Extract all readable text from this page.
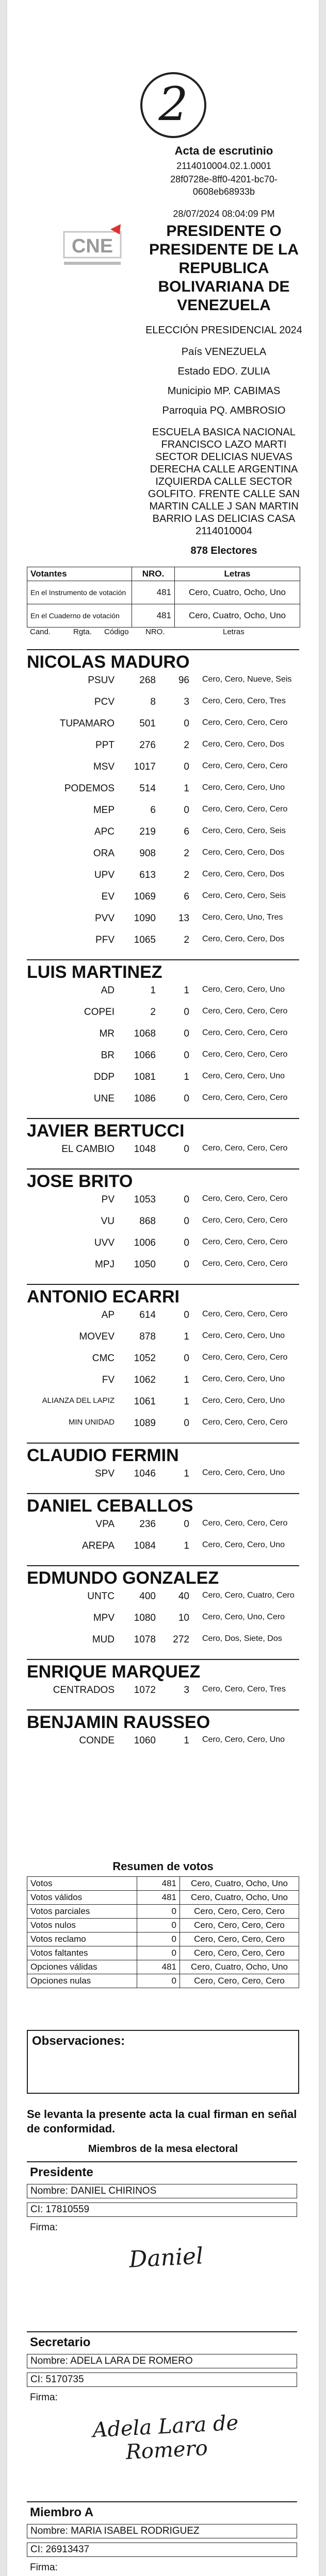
2
Acta de escrutinio
2114010004.02.1.0001
28f0728e-8ff0-4201-bc70-
0608eb68933b
CNE
28/07/2024 08:04:09 PM
PRESIDENTE O
PRESIDENTE DE LA
REPUBLICA
BOLIVARIANA DE
VENEZUELA
ELECCIÓN PRESIDENCIAL 2024
País VENEZUELA
Estado EDO. ZULIA
Municipio MP. CABIMAS
Parroquia PQ. AMBROSIO
ESCUELA BASICA NACIONAL
FRANCISCO LAZO MARTI
SECTOR DELICIAS NUEVAS
DERECHA CALLE ARGENTINA
IZQUIERDA CALLE SECTOR
GOLFITO. FRENTE CALLE SAN
MARTIN CALLE J SAN MARTIN
BARRIO LAS DELICIAS CASA
2114010004
878 Electores
Votantes	NRO.	Letras
En el Instrumento de votación	481	Cero, Cuatro, Ocho, Uno
En el Cuaderno de votación	481	Cero, Cuatro, Ocho, Uno
Cand.	Rgta. Código NRO.	Letras
NICOLAS MADURO
PSUV	268	96 Cero, Cero, Nueve, Seis
PCV	8	3 Cero, Cero, Cero, Tres
TUPAMARO	501	0 Cero, Cero, Cero, Cero
PPT	276	2 Cero, Cero, Cero, Dos
MSV	1017	0 Cero, Cero, Cero, Cero
PODEMOS	514	1 Cero, Cero, Cero, Uno
MEP	6	0 Cero, Cero, Cero, Cero
APC	219	6 Cero, Cero, Cero, Seis
ORA	908	2 Cero, Cero, Cero, Dos
UPV	613	2 Cero, Cero, Cero, Dos
EV	1069	6 Cero, Cero, Cero, Seis
PVV	1090	13 Cero, Cero, Uno, Tres
PFV	1065	2 Cero, Cero, Cero, Dos
LUIS MARTINEZ
AD	1	1 Cero, Cero, Cero, Uno
COPEI	2	0 Cero, Cero, Cero, Cero
MR	1068	0 Cero, Cero, Cero, Cero
BR	1066	0 Cero, Cero, Cero, Cero
DDP	1081	1 Cero, Cero, Cero, Uno
UNE	1086	0 Cero, Cero, Cero, Cero
JAVIER BERTUCCI
EL CAMBIO	1048	0 Cero, Cero, Cero, Cero
JOSE BRITO
PV	1053	0 Cero, Cero, Cero, Cero
VU	868	0 Cero, Cero, Cero, Cero
UVV	1006	0 Cero, Cero, Cero, Cero
MPJ	1050	0 Cero, Cero, Cero, Cero
ANTONIO ECARRI
AP	614	0 Cero, Cero, Cero, Cero
MOVEV	878	1 Cero, Cero, Cero, Uno
CMC	1052	0 Cero, Cero, Cero, Cero
FV	1062	1 Cero, Cero, Cero, Uno
ALIANZA DEL LAPIZ	1061	1 Cero, Cero, Cero, Uno
MIN UNIDAD	1089	0 Cero, Cero, Cero, Cero
CLAUDIO FERMIN
SPV	1046	1 Cero, Cero, Cero, Uno
DANIEL CEBALLOS
VPA	236	0 Cero, Cero, Cero, Cero
AREPA	1084	1 Cero, Cero, Cero, Uno
EDMUNDO GONZALEZ
UNTC	400	40 Cero, Cero, Cuatro, Cero
MPV	1080	10 Cero, Cero, Uno, Cero
MUD	1078	272 Cero, Dos, Siete, Dos
ENRIQUE MARQUEZ
CENTRADOS	1072	3 Cero, Cero, Cero, Tres
BENJAMIN RAUSSEO
CONDE	1060	1 Cero, Cero, Cero, Uno
Resumen de votos
Votos	481	Cero, Cuatro, Ocho, Uno
Votos válidos	481	Cero, Cuatro, Ocho, Uno
Votos parciales	0	Cero, Cero, Cero, Cero
Votos nulos	0	Cero, Cero, Cero, Cero
Votos reclamo	0	Cero, Cero, Cero, Cero
Votos faltantes	0	Cero, Cero, Cero, Cero
Opciones válidas	481	Cero, Cuatro, Ocho, Uno
Opciones nulas	0	Cero, Cero, Cero, Cero
Observaciones:
Se levanta la presente acta la cual firman en señal de conformidad.
Miembros de la mesa electoral
Presidente
Nombre: DANIEL CHIRINOS
CI: 17810559
Firma:
Daniel
Secretario
Nombre: ADELA LARA DE ROMERO
CI: 5170735
Firma:
Adela Lara de Romero
Miembro A
Nombre: MARIA ISABEL RODRIGUEZ
CI: 26913437
Firma:
